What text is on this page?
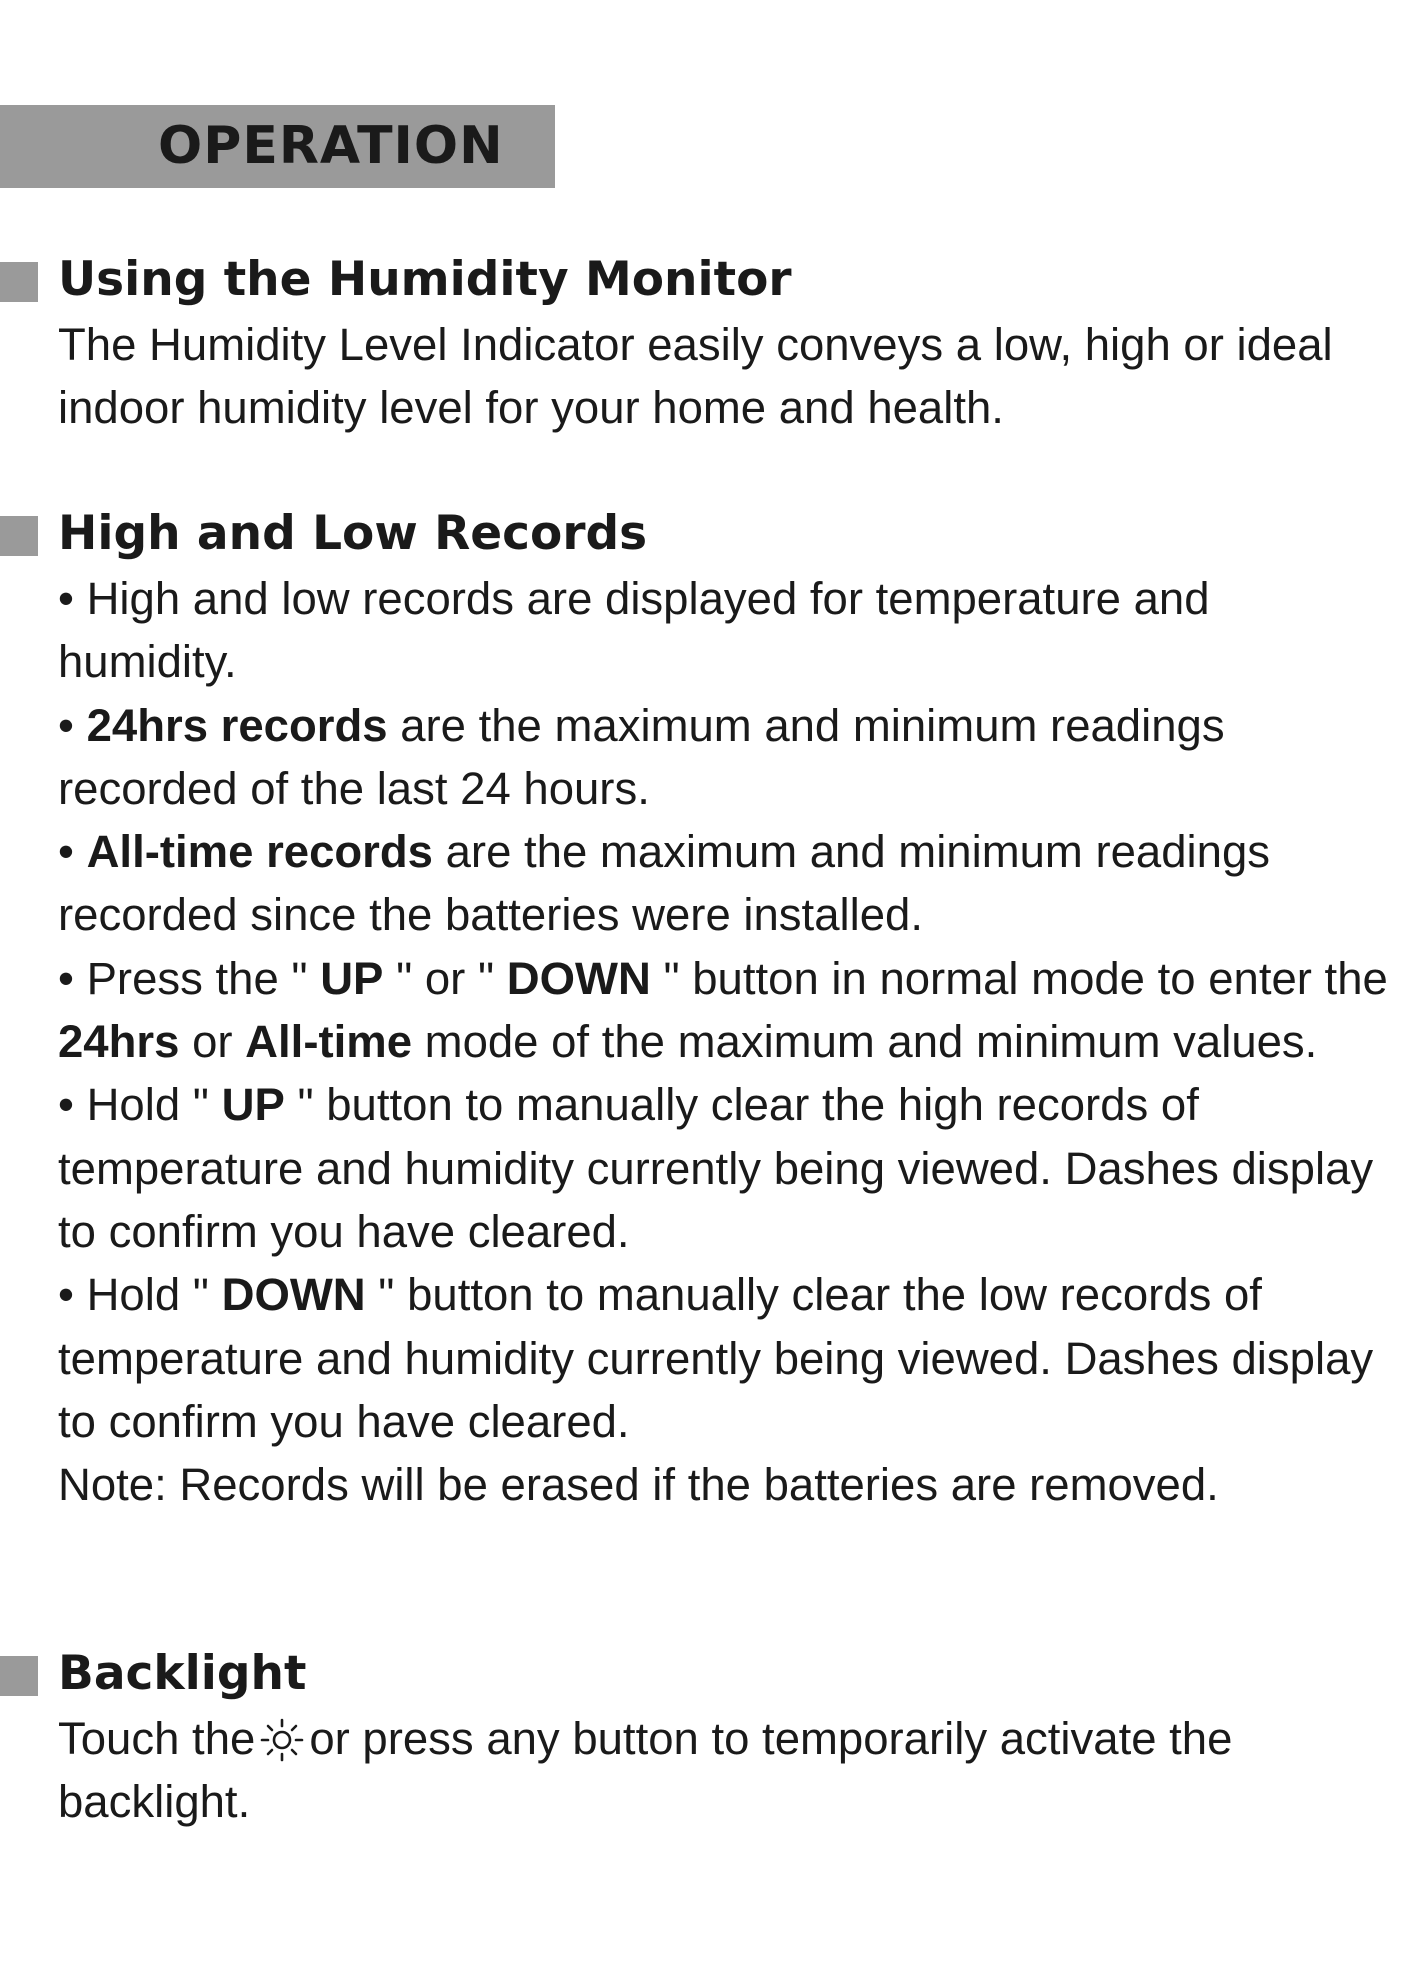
OPERATION
Using the Humidity Monitor

The Humidity Level Indicator easily conveys a low, high or ideal indoor humidity level for your home and health.

High and Low Records

• High and low records are displayed for temperature and humidity.

• 24hrs records are the maximum and minimum readings recorded of the last 24 hours.

• All-time records are the maximum and minimum readings recorded since the batteries were installed.

• Press the " UP " or " DOWN " button in normal mode to enter the 24hrs or All-time mode of the maximum and minimum values.

• Hold " UP " button to manually clear the high records of temperature and humidity currently being viewed. Dashes display to confirm you have cleared.

• Hold " DOWN " button to manually clear the low records of temperature and humidity currently being viewed. Dashes display to confirm you have cleared.

Note: Records will be erased if the batteries are removed.

Backlight

Touch the or press any button to temporarily activate the backlight.
